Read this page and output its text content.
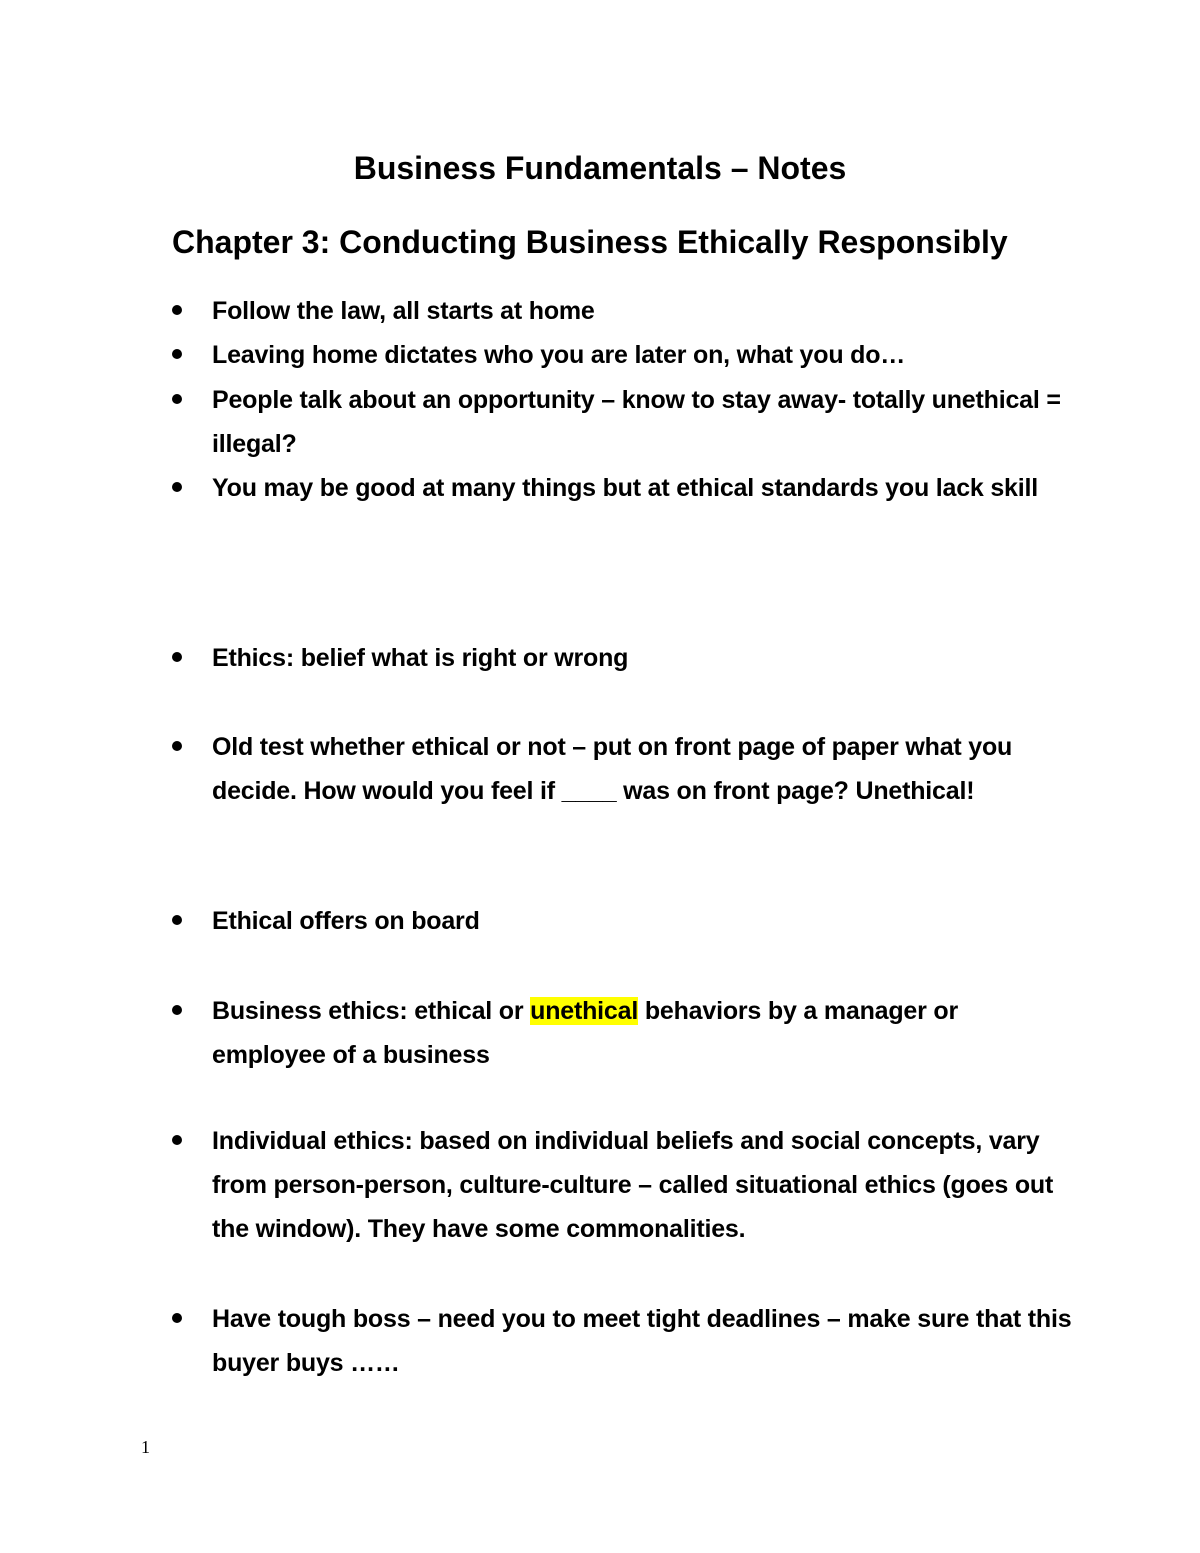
Business Fundamentals – Notes
Chapter 3: Conducting Business Ethically Responsibly
Follow the law, all starts at home
Leaving home dictates who you are later on, what you do…
People talk about an opportunity – know to stay away- totally unethical = illegal?
You may be good at many things but at ethical standards you lack skill
Ethics: belief what is right or wrong
Old test whether ethical or not – put on front page of paper what you decide. How would you feel if ____ was on front page? Unethical!
Ethical offers on board
Business ethics: ethical or unethical behaviors by a manager or employee of a business
Individual ethics: based on individual beliefs and social concepts, vary from person-person, culture-culture – called situational ethics (goes out the window). They have some commonalities.
Have tough boss – need you to meet tight deadlines – make sure that this buyer buys ……
1
